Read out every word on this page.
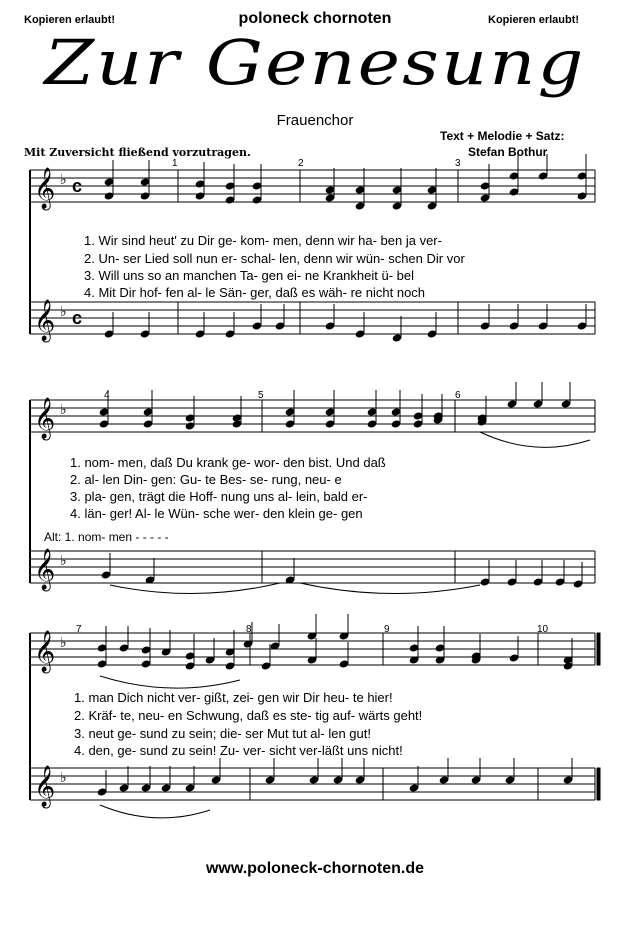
Kopieren erlaubt!	poloneck chornoten	Kopieren erlaubt!
Zur Genesung
Frauenchor
Text + Melodie + Satz:
Stefan Bothur
Mit Zuversicht fließend vorzutragen.
𝄞 ♭ c
𝄞 ♭ c
𝄞 ♭
𝄞 ♭
𝄞 ♭
𝄞 ♭
1	2	3
4	5	6
7	8	9	10
1. Wir sind heut' zu Dir ge- kom- men, denn wir ha- ben ja ver-
2. Un- ser Lied soll nun er- schal- len, denn wir wün- schen Dir vor
3. Will uns so an manchen Ta- gen ei- ne Krankheit ü- bel
4. Mit Dir hof- fen al- le Sän- ger, daß es wäh- re nicht noch
1. nom- men, daß Du krank ge- wor- den bist. Und daß
2. al- len Din- gen: Gu- te Bes- se- rung, neu- e
3. pla- gen, trägt die Hoff- nung uns al- lein, bald er-
4. län- ger! Al- le Wün- sche wer- den klein ge- gen
Alt: 1. nom- men - - - - -
1. man Dich nicht ver- gißt, zei- gen wir Dir heu- te hier!
2. Kräf- te, neu- en Schwung, daß es ste- tig auf- wärts geht!
3. neut ge- sund zu sein; die- ser Mut tut al- len gut!
4. den, ge- sund zu sein! Zu- ver- sicht ver-läßt uns nicht!
www.poloneck-chornoten.de
